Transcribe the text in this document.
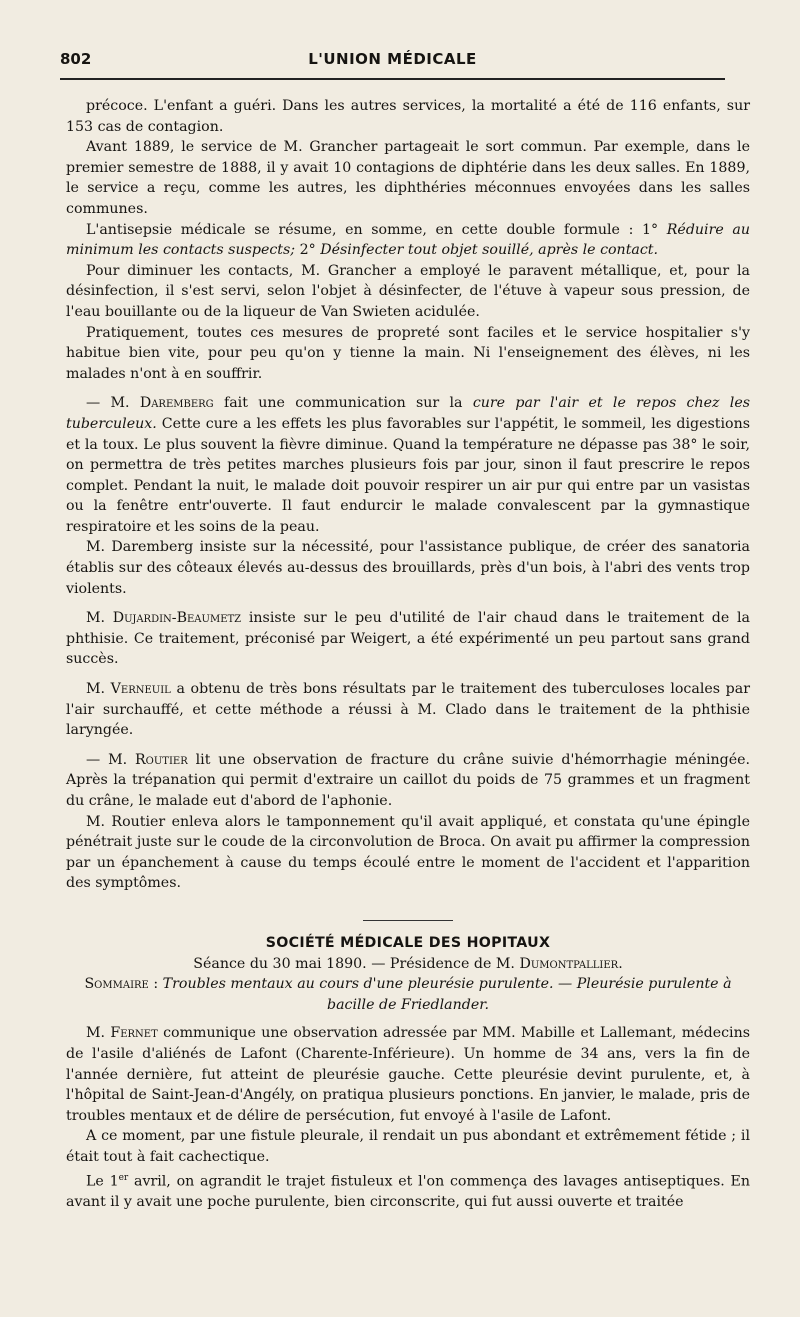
802	L'UNION MÉDICALE

précoce. L'enfant a guéri. Dans les autres services, la mortalité a été de 116 enfants, sur 153 cas de contagion.

Avant 1889, le service de M. Grancher partageait le sort commun. Par exemple, dans le premier semestre de 1888, il y avait 10 contagions de diphtérie dans les deux salles. En 1889, le service a reçu, comme les autres, les diphthéries méconnues envoyées dans les salles communes.

L'antisepsie médicale se résume, en somme, en cette double formule : 1° Réduire au minimum les contacts suspects; 2° Désinfecter tout objet souillé, après le contact.

Pour diminuer les contacts, M. Grancher a employé le paravent métallique, et, pour la désinfection, il s'est servi, selon l'objet à désinfecter, de l'étuve à vapeur sous pression, de l'eau bouillante ou de la liqueur de Van Swieten acidulée.

Pratiquement, toutes ces mesures de propreté sont faciles et le service hospitalier s'y habitue bien vite, pour peu qu'on y tienne la main. Ni l'enseignement des élèves, ni les malades n'ont à en souffrir.

— M. Daremberg fait une communication sur la cure par l'air et le repos chez les tuberculeux. Cette cure a les effets les plus favorables sur l'appétit, le sommeil, les digestions et la toux. Le plus souvent la fièvre diminue. Quand la température ne dépasse pas 38° le soir, on permettra de très petites marches plusieurs fois par jour, sinon il faut prescrire le repos complet. Pendant la nuit, le malade doit pouvoir respirer un air pur qui entre par un vasistas ou la fenêtre entr'ouverte. Il faut endurcir le malade convalescent par la gymnastique respiratoire et les soins de la peau.

M. Daremberg insiste sur la nécessité, pour l'assistance publique, de créer des sanatoria établis sur des côteaux élevés au-dessus des brouillards, près d'un bois, à l'abri des vents trop violents.

M. Dujardin-Beaumetz insiste sur le peu d'utilité de l'air chaud dans le traitement de la phthisie. Ce traitement, préconisé par Weigert, a été expérimenté un peu partout sans grand succès.

M. Verneuil a obtenu de très bons résultats par le traitement des tuberculoses locales par l'air surchauffé, et cette méthode a réussi à M. Clado dans le traitement de la phthisie laryngée.

— M. Routier lit une observation de fracture du crâne suivie d'hémorrhagie méningée. Après la trépanation qui permit d'extraire un caillot du poids de 75 grammes et un fragment du crâne, le malade eut d'abord de l'aphonie.

M. Routier enleva alors le tamponnement qu'il avait appliqué, et constata qu'une épingle pénétrait juste sur le coude de la circonvolution de Broca. On avait pu affirmer la compression par un épanchement à cause du temps écoulé entre le moment de l'accident et l'apparition des symptômes.

SOCIÉTÉ MÉDICALE DES HOPITAUX

Séance du 30 mai 1890. — Présidence de M. Dumontpallier.

Sommaire : Troubles mentaux au cours d'une pleurésie purulente. — Pleurésie purulente à bacille de Friedlander.

M. Fernet communique une observation adressée par MM. Mabille et Lallemant, médecins de l'asile d'aliénés de Lafont (Charente-Inférieure). Un homme de 34 ans, vers la fin de l'année dernière, fut atteint de pleurésie gauche. Cette pleurésie devint purulente, et, à l'hôpital de Saint-Jean-d'Angély, on pratiqua plusieurs ponctions. En janvier, le malade, pris de troubles mentaux et de délire de persécution, fut envoyé à l'asile de Lafont.

A ce moment, par une fistule pleurale, il rendait un pus abondant et extrêmement fétide ; il était tout à fait cachectique.

Le 1er avril, on agrandit le trajet fistuleux et l'on commença des lavages antiseptiques. En avant il y avait une poche purulente, bien circonscrite, qui fut aussi ouverte et traitée
